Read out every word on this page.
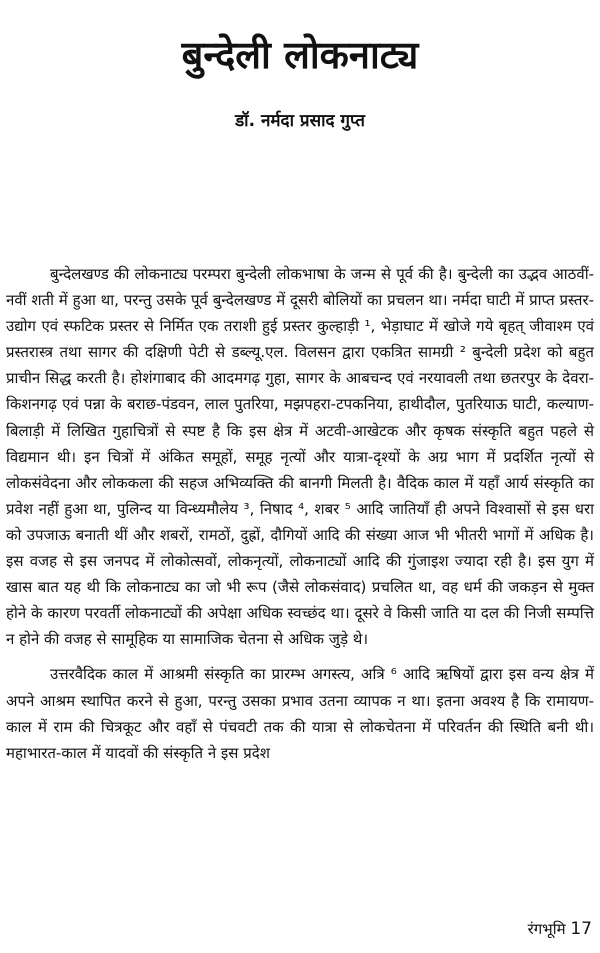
बुन्देली लोकनाट्य
डॉ. नर्मदा प्रसाद गुप्त

बुन्देलखण्ड की लोकनाट्य परम्परा बुन्देली लोकभाषा के जन्म से पूर्व की है। बुन्देली का उद्भव आठवीं-नवीं शती में हुआ था, परन्तु उसके पूर्व बुन्देलखण्ड में दूसरी बोलियों का प्रचलन था। नर्मदा घाटी में प्राप्त प्रस्तर-उद्योग एवं स्फटिक प्रस्तर से निर्मित एक तराशी हुई प्रस्तर कुल्हाड़ी ¹, भेड़ाघाट में खोजे गये बृहत् जीवाश्म एवं प्रस्तरास्त्र तथा सागर की दक्षिणी पेटी से डब्ल्यू.एल. विलसन द्वारा एकत्रित सामग्री ² बुन्देली प्रदेश को बहुत प्राचीन सिद्ध करती है। होशंगाबाद की आदमगढ़ गुहा, सागर के आबचन्द एवं नरयावली तथा छतरपुर के देवरा-किशनगढ़ एवं पन्ना के बराछ-पंडवन, लाल पुतरिया, मझपहरा-टपकनिया, हाथीदौल, पुतरियाऊ घाटी, कल्याण-बिलाड़ी में लिखित गुहाचित्रों से स्पष्ट है कि इस क्षेत्र में अटवी-आखेटक और कृषक संस्कृति बहुत पहले से विद्यमान थी। इन चित्रों में अंकित समूहों, समूह नृत्यों और यात्रा-दृश्यों के अग्र भाग में प्रदर्शित नृत्यों से लोकसंवेदना और लोककला की सहज अभिव्यक्ति की बानगी मिलती है। वैदिक काल में यहाँ आर्य संस्कृति का प्रवेश नहीं हुआ था, पुलिन्द या विन्ध्यमौलेय ³, निषाद ⁴, शबर ⁵ आदि जातियाँ ही अपने विश्वासों से इस धरा को उपजाऊ बनाती थीं और शबरों, रामठों, दुह्रों, दौगियों आदि की संख्या आज भी भीतरी भागों में अधिक है। इस वजह से इस जनपद में लोकोत्सवों, लोकनृत्यों, लोकनाट्यों आदि की गुंजाइश ज्यादा रही है। इस युग में खास बात यह थी कि लोकनाट्य का जो भी रूप (जैसे लोकसंवाद) प्रचलित था, वह धर्म की जकड़न से मुक्त होने के कारण परवर्ती लोकनाट्यों की अपेक्षा अधिक स्वच्छंद था। दूसरे वे किसी जाति या दल की निजी सम्पत्ति न होने की वजह से सामूहिक या सामाजिक चेतना से अधिक जुड़े थे।

उत्तरवैदिक काल में आश्रमी संस्कृति का प्रारम्भ अगस्त्य, अत्रि ⁶ आदि ऋषियों द्वारा इस वन्य क्षेत्र में अपने आश्रम स्थापित करने से हुआ, परन्तु उसका प्रभाव उतना व्यापक न था। इतना अवश्य है कि रामायण-काल में राम की चित्रकूट और वहाँ से पंचवटी तक की यात्रा से लोकचेतना में परिवर्तन की स्थिति बनी थी। महाभारत-काल में यादवों की संस्कृति ने इस प्रदेश

रंगभूमि 17
